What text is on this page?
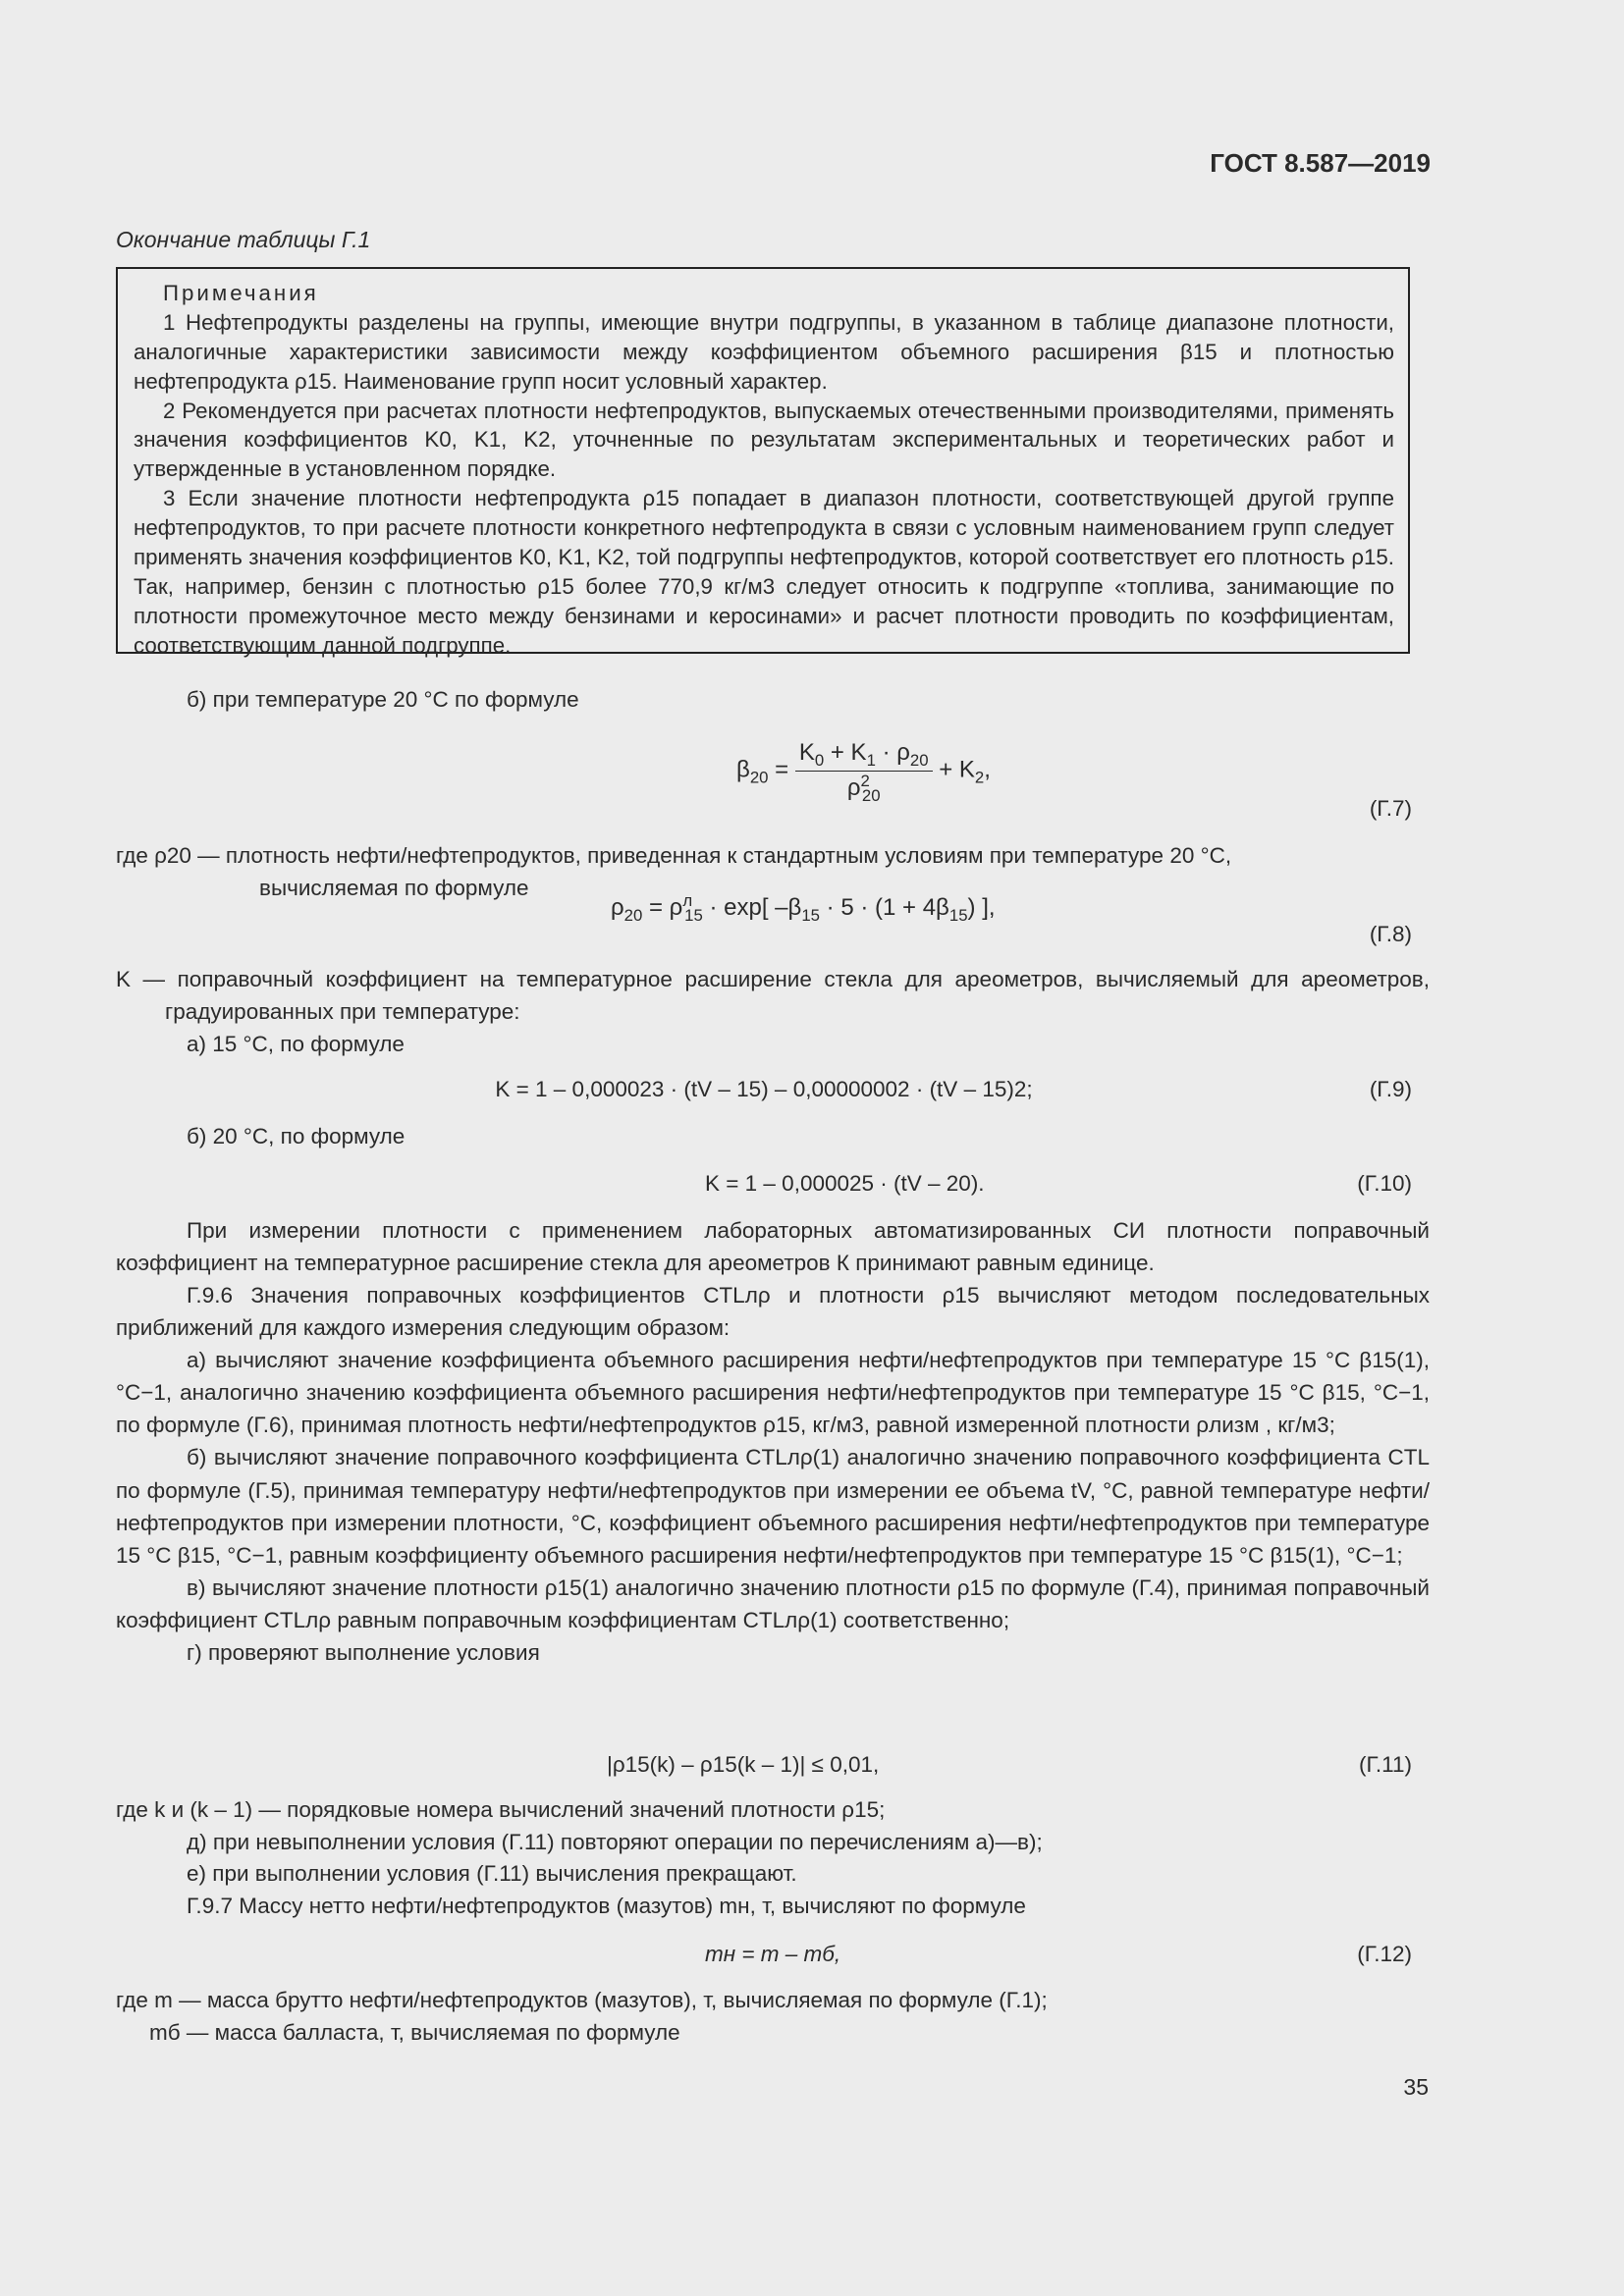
ГОСТ 8.587—2019
Окончание таблицы Г.1
Примечания

1 Нефтепродукты разделены на группы, имеющие внутри подгруппы, в указанном в таблице диапазоне плотности, аналогичные характеристики зависимости между коэффициентом объемного расширения β15 и плотностью нефтепродукта ρ15. Наименование групп носит условный характер.

2 Рекомендуется при расчетах плотности нефтепродуктов, выпускаемых отечественными производителями, применять значения коэффициентов K0, K1, K2, уточненные по результатам экспериментальных и теоретических работ и утвержденные в установленном порядке.

3 Если значение плотности нефтепродукта ρ15 попадает в диапазон плотности, соответствующей другой группе нефтепродуктов, то при расчете плотности конкретного нефтепродукта в связи с условным наименованием групп следует применять значения коэффициентов K0, K1, K2, той подгруппы нефтепродуктов, которой соответствует его плотность ρ15. Так, например, бензин с плотностью ρ15 более 770,9 кг/м3 следует относить к подгруппе «топлива, занимающие по плотности промежуточное место между бензинами и керосинами» и расчет плотности проводить по коэффициентам, соответствующим данной подгруппе.

б) при температуре 20 °С по формуле

$\beta_{20} = \frac{K_0 + K_1 \cdot \rho_{20}}{\rho^2_{20}} + K_2$,
(Г.7)

где ρ20 — плотность нефти/нефтепродуктов, приведенная к стандартным условиям при температуре 20 °С,

вычисляемая по формуле

$\rho_{20} = \rho^л_{15} \cdot \exp$[ $-\beta_{15} \cdot 5 \cdot (1 + 4\beta_{15})$ ],
(Г.8)

K — поправочный коэффициент на температурное расширение стекла для ареометров, вычисляемый для ареометров, градуированных при температуре:

а) 15 °С, по формуле

K = 1 – 0,000023 · (tV – 15) – 0,00000002 · (tV – 15)2;	(Г.9)

б) 20 °С, по формуле

K = 1 – 0,000025 · (tV – 20).	(Г.10)

При измерении плотности с применением лабораторных автоматизированных СИ плотности поправочный коэффициент на температурное расширение стекла для ареометров К принимают равным единице.

Г.9.6 Значения поправочных коэффициентов CTLлρ и плотности ρ15 вычисляют методом последовательных приближений для каждого измерения следующим образом:

а) вычисляют значение коэффициента объемного расширения нефти/нефтепродуктов при температуре 15 °С β15(1), °С−1, аналогично значению коэффициента объемного расширения нефти/нефтепродуктов при температуре 15 °С β15, °С−1, по формуле (Г.6), принимая плотность нефти/нефтепродуктов ρ15, кг/м3, равной измеренной плотности ρлизм , кг/м3;

б) вычисляют значение поправочного коэффициента CTLлρ(1) аналогично значению поправочного коэффициента CTL по формуле (Г.5), принимая температуру нефти/нефтепродуктов при измерении ее объема tV, °С, равной температуре нефти/нефтепродуктов при измерении плотности, °С, коэффициент объемного расширения нефти/нефтепродуктов при температуре 15 °С β15, °С−1, равным коэффициенту объемного расширения нефти/нефтепродуктов при температуре 15 °С β15(1), °С−1;

в) вычисляют значение плотности ρ15(1) аналогично значению плотности ρ15 по формуле (Г.4), принимая поправочный коэффициент CTLлρ равным поправочным коэффициентам CTLлρ(1) соответственно;

г) проверяют выполнение условия

|ρ15(k) – ρ15(k – 1)| ≤ 0,01,	(Г.11)

где k и (k – 1) — порядковые номера вычислений значений плотности ρ15;

д) при невыполнении условия (Г.11) повторяют операции по перечислениям а)—в);

е) при выполнении условия (Г.11) вычисления прекращают.

Г.9.7 Массу нетто нефти/нефтепродуктов (мазутов) mн, т, вычисляют по формуле

mн = m – mб,	(Г.12)

где m — масса брутто нефти/нефтепродуктов (мазутов), т, вычисляемая по формуле (Г.1);

mб — масса балласта, т, вычисляемая по формуле

35
